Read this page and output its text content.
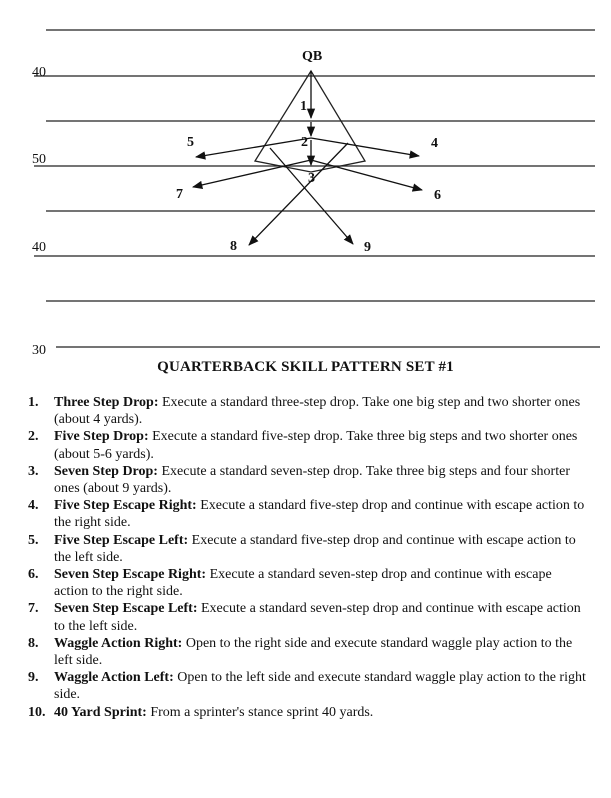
40
50
40
30
QB
1
2
3
4
5
6
7
8	9
QUARTERBACK SKILL PATTERN SET #1
1.	Three Step Drop: Execute a standard three-step drop. Take one big step and two shorter ones (about 4 yards).
2.	Five Step Drop: Execute a standard five-step drop. Take three big steps and two shorter ones (about 5-6 yards).
3.	Seven Step Drop: Execute a standard seven-step drop. Take three big steps and four shorter ones (about 9 yards).
4.	Five Step Escape Right: Execute a standard five-step drop and continue with escape action to the right side.
5.	Five Step Escape Left: Execute a standard five-step drop and continue with escape action to the left side.
6.	Seven Step Escape Right: Execute a standard seven-step drop and continue with escape action to the right side.
7.	Seven Step Escape Left: Execute a standard seven-step drop and continue with escape action to the left side.
8.	Waggle Action Right: Open to the right side and execute standard waggle play action to the left side.
9.	Waggle Action Left: Open to the left side and execute standard waggle play action to the right side.
10. 40 Yard Sprint: From a sprinter's stance sprint 40 yards.
